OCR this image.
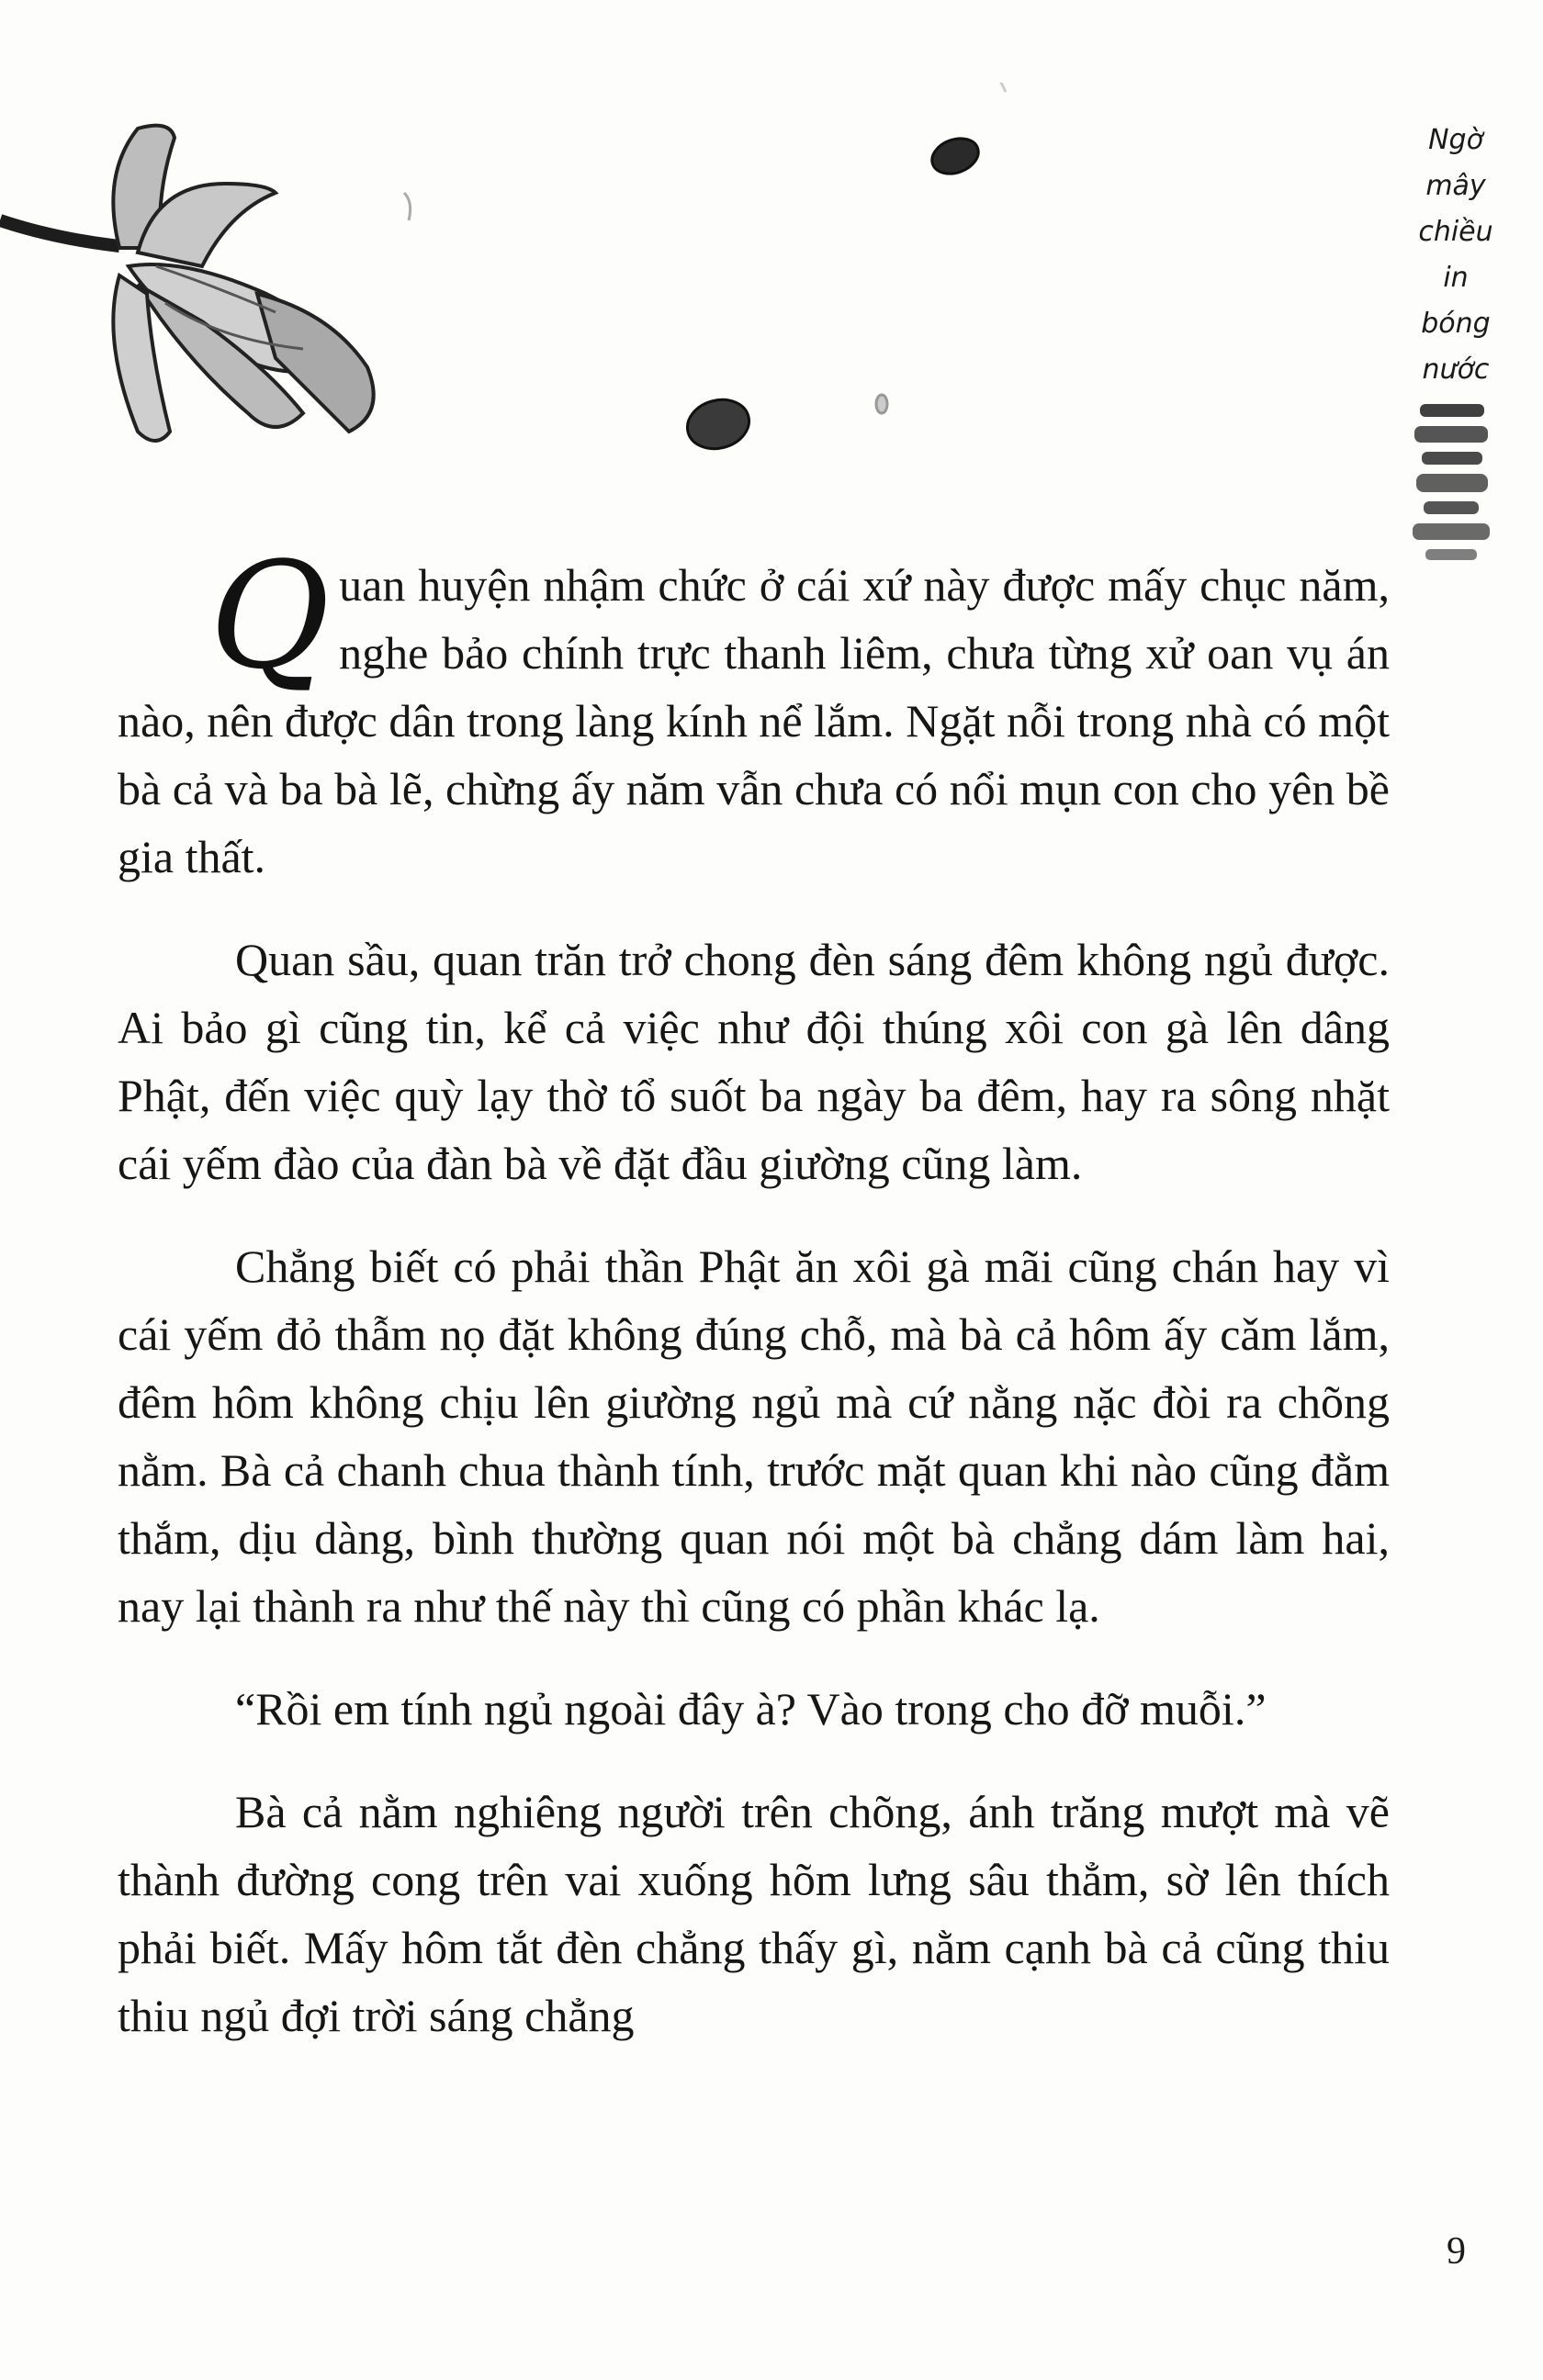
Ngờ
mây
chiều
in
bóng
nước

Quan huyện nhậm chức ở cái xứ này được mấy chục năm, nghe bảo chính trực thanh liêm, chưa từng xử oan vụ án nào, nên được dân trong làng kính nể lắm. Ngặt nỗi trong nhà có một bà cả và ba bà lẽ, chừng ấy năm vẫn chưa có nổi mụn con cho yên bề gia thất.

Quan sầu, quan trăn trở chong đèn sáng đêm không ngủ được. Ai bảo gì cũng tin, kể cả việc như đội thúng xôi con gà lên dâng Phật, đến việc quỳ lạy thờ tổ suốt ba ngày ba đêm, hay ra sông nhặt cái yếm đào của đàn bà về đặt đầu giường cũng làm.

Chẳng biết có phải thần Phật ăn xôi gà mãi cũng chán hay vì cái yếm đỏ thẫm nọ đặt không đúng chỗ, mà bà cả hôm ấy cǎm lắm, đêm hôm không chịu lên giường ngủ mà cứ nằng nặc đòi ra chõng nằm. Bà cả chanh chua thành tính, trước mặt quan khi nào cũng đằm thắm, dịu dàng, bình thường quan nói một bà chẳng dám làm hai, nay lại thành ra như thế này thì cũng có phần khác lạ.

“Rồi em tính ngủ ngoài đây à? Vào trong cho đỡ muỗi.”

Bà cả nằm nghiêng người trên chõng, ánh trăng mượt mà vẽ thành đường cong trên vai xuống hõm lưng sâu thẳm, sờ lên thích phải biết. Mấy hôm tắt đèn chẳng thấy gì, nằm cạnh bà cả cũng thiu thiu ngủ đợi trời sáng chẳng

9
